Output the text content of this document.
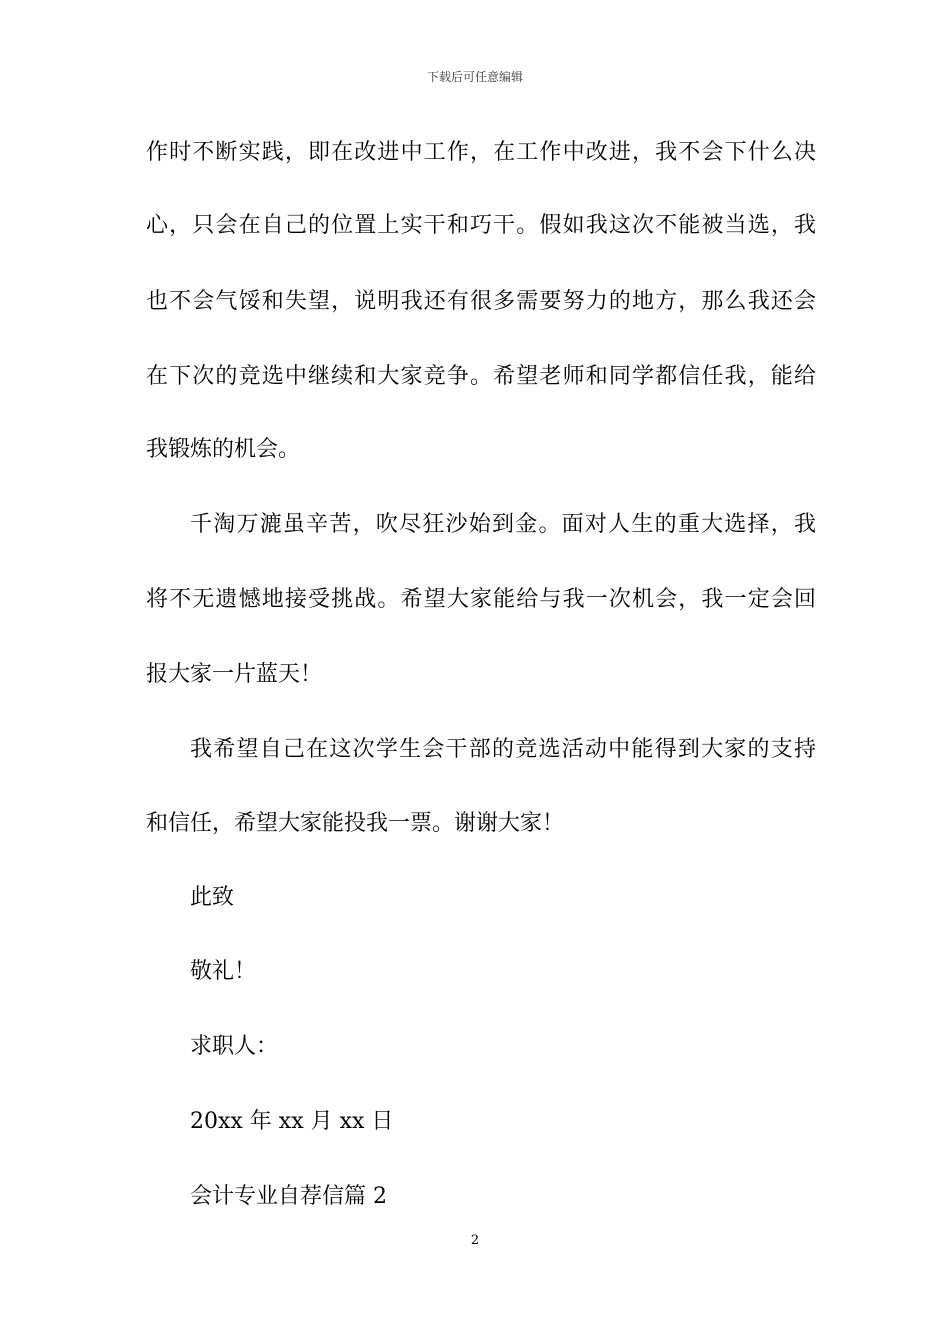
下载后可任意编辑
作时不断实践，即在改进中工作，在工作中改进，我不会下什么决
心，只会在自己的位置上实干和巧干。假如我这次不能被当选，我
也不会气馁和失望，说明我还有很多需要努力的地方，那么我还会
在下次的竞选中继续和大家竞争。希望老师和同学都信任我，能给
我锻炼的机会。
千淘万漉虽辛苦，吹尽狂沙始到金。面对人生的重大选择，我
将不无遗憾地接受挑战。希望大家能给与我一次机会，我一定会回
报大家一片蓝天！
我希望自己在这次学生会干部的竞选活动中能得到大家的支持
和信任，希望大家能投我一票。谢谢大家！
此致
敬礼！
求职人：
20xx 年 xx 月 xx 日
会计专业自荐信篇 2
2
